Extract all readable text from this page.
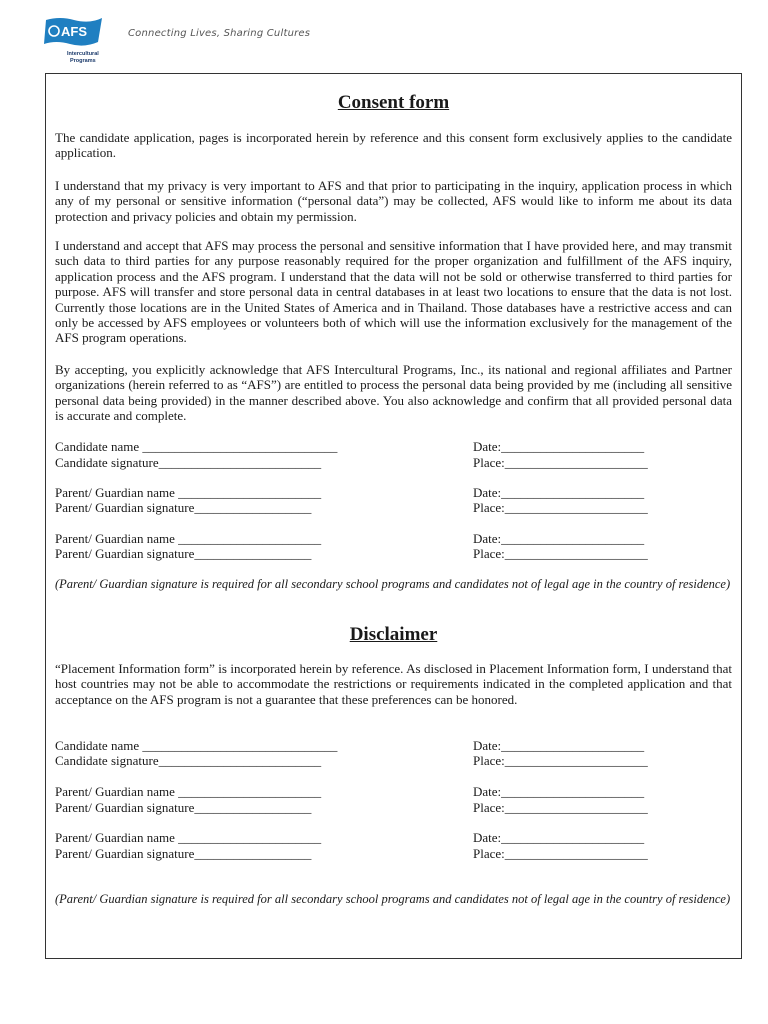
AFS
Intercultural
Programs
Connecting Lives, Sharing Cultures
Consent form

The candidate application, pages is incorporated herein by reference and this consent form exclusively applies to the candidate application.

I understand that my privacy is very important to AFS and that prior to participating in the inquiry, application process in which any of my personal or sensitive information (“personal data”) may be collected, AFS would like to inform me about its data protection and privacy policies and obtain my permission.

I understand and accept that AFS may process the personal and sensitive information that I have provided here, and may transmit such data to third parties for any purpose reasonably required for the proper organization and fulfillment of the AFS inquiry, application process and the AFS program. I understand that the data will not be sold or otherwise transferred to third parties for purpose. AFS will transfer and store personal data in central databases in at least two locations to ensure that the data is not lost. Currently those locations are in the United States of America and in Thailand. Those databases have a restrictive access and can only be accessed by AFS employees or volunteers both of which will use the information exclusively for the management of the AFS program operations.

By accepting, you explicitly acknowledge that AFS Intercultural Programs, Inc., its national and regional affiliates and Partner organizations (herein referred to as “AFS”) are entitled to process the personal data being provided by me (including all sensitive personal data being provided) in the manner described above. You also acknowledge and confirm that all provided personal data is accurate and complete.

Candidate name ______________________________	Date:______________________
Candidate signature_________________________	Place:______________________
Parent/ Guardian name ______________________	Date:______________________
Parent/ Guardian signature__________________	Place:______________________
Parent/ Guardian name ______________________	Date:______________________
Parent/ Guardian signature__________________	Place:______________________

(Parent/ Guardian signature is required for all secondary school programs and candidates not of legal age in the country of residence)

Disclaimer

“Placement Information form” is incorporated herein by reference. As disclosed in Placement Information form, I understand that host countries may not be able to accommodate the restrictions or requirements indicated in the completed application and that acceptance on the AFS program is not a guarantee that these preferences can be honored.

Candidate name ______________________________	Date:______________________
Candidate signature_________________________	Place:______________________
Parent/ Guardian name ______________________	Date:______________________
Parent/ Guardian signature__________________	Place:______________________
Parent/ Guardian name ______________________	Date:______________________
Parent/ Guardian signature__________________	Place:______________________

(Parent/ Guardian signature is required for all secondary school programs and candidates not of legal age in the country of residence)
